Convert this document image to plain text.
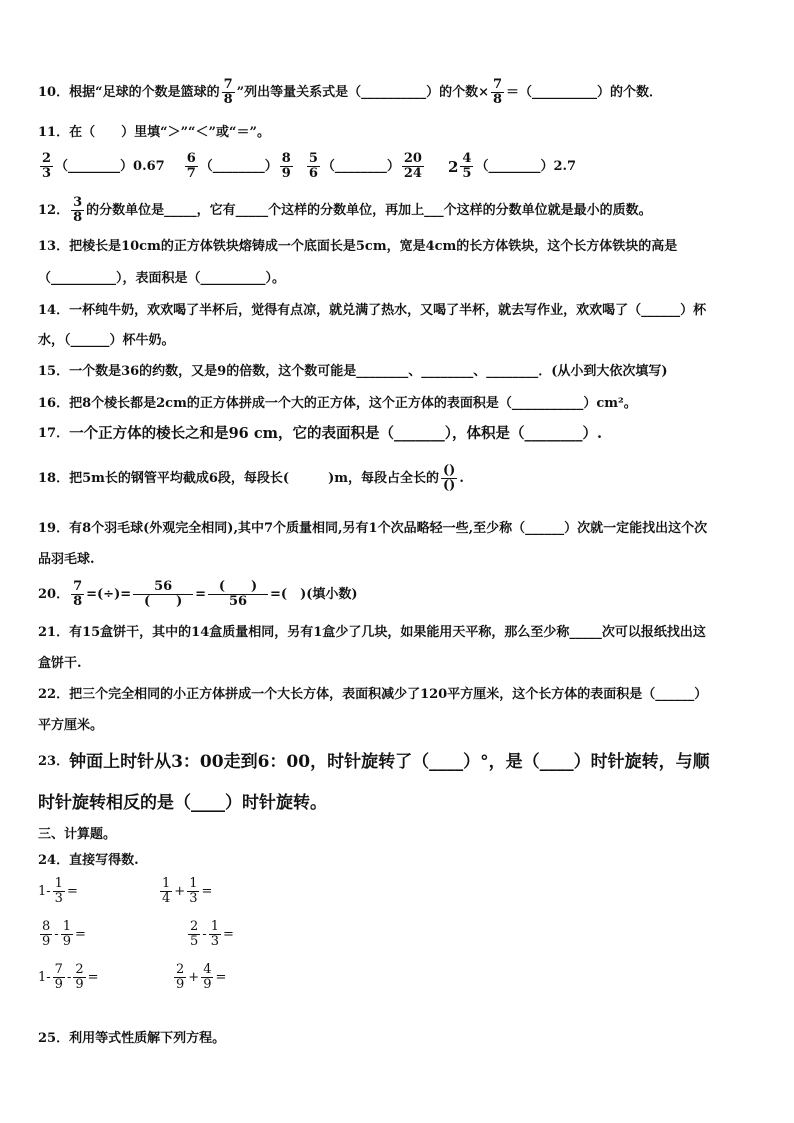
10．根据“足球的个数是篮球的 $\frac{7}{8}$ ”列出等量关系式是（__________）的个数× $\frac{7}{8}$ ＝（__________）的个数．
11．在（　　）里填“＞”“＜”或“＝”。
$\frac{2}{3}$ （________）0.67 $\frac{6}{7}$ （________） $\frac{8}{9} \frac{5}{6}$ （________） $\frac{20}{24} 2 \frac{4}{5}$ （________）2.7
12． $\frac{3}{8}$ 的分数单位是_____，它有_____个这样的分数单位，再加上___个这样的分数单位就是最小的质数。
13．把棱长是10cm的正方体铁块熔铸成一个底面长是5cm，宽是4cm的长方体铁块，这个长方体铁块的高是
（__________），表面积是（__________）。
14．一杯纯牛奶，欢欢喝了半杯后，觉得有点凉，就兑满了热水，又喝了半杯，就去写作业，欢欢喝了（______）杯
水，（______）杯牛奶。
15．一个数是36的约数，又是9的倍数，这个数可能是________、________、________．(从小到大依次填写)
16．把8个棱长都是2cm的正方体拼成一个大的正方体，这个正方体的表面积是（___________）cm²。
17． 一个正方体的棱长之和是96 cm，它的表面积是（_______），体积是（________）.
18．把5m长的钢管平均截成6段，每段长(　　　)m，每段占全长的 $\frac{()}{()}$ .
19．有8个羽毛球(外观完全相同),其中7个质量相同,另有1个次品略轻一些,至少称（______）次就一定能找出这个次
品羽毛球.
20． $\frac{7}{8}$ =(÷)= $\frac{56}{( )} = \frac{( )}{56}$ =(　)(填小数)
21．有15盒饼干，其中的14盒质量相同，另有1盒少了几块，如果能用天平称，那么至少称_____次可以报纸找出这
盒饼干.
22．把三个完全相同的小正方体拼成一个大长方体，表面积减少了120平方厘米，这个长方体的表面积是（______）
平方厘米。
23． 钟面上时针从3：00走到6：00，时针旋转了（____）°，是（____）时针旋转，与顺
时针旋转相反的是（____）时针旋转。
三、计算题。
24．直接写得数.
$1- \frac{1}{3}$ =	$\frac{1}{4} + \frac{1}{3}$ =
$\frac{8}{9} - \frac{1}{9}$ =	$\frac{2}{5} - \frac{1}{3}$ =
$1- \frac{7}{9} - \frac{2}{9}$ =	$\frac{2}{9} + \frac{4}{9}$ =
25．利用等式性质解下列方程。
